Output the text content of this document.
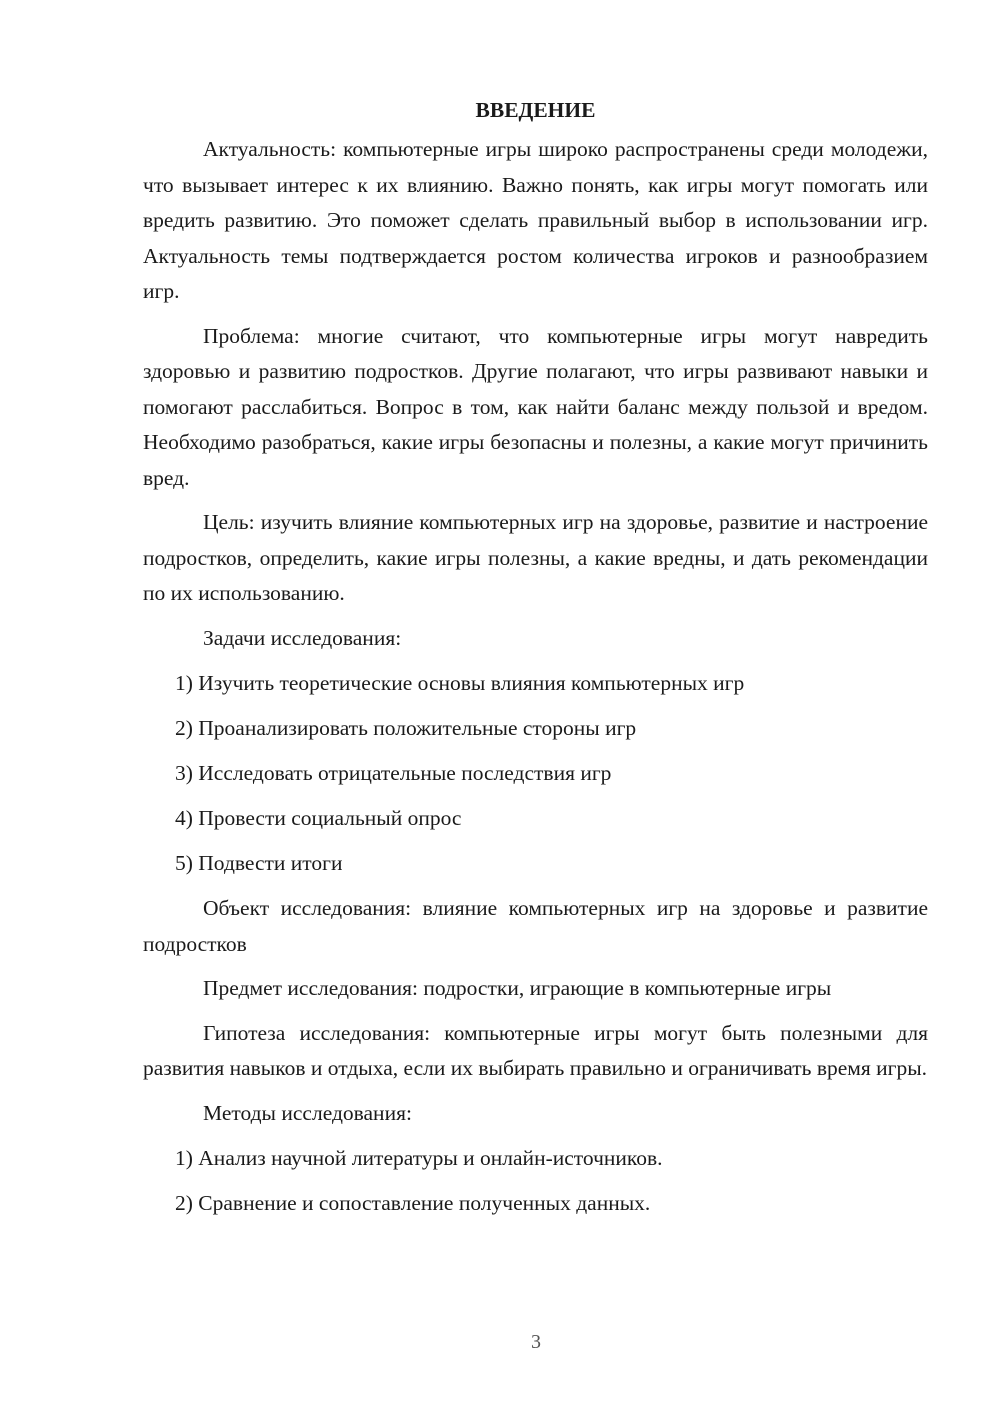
ВВЕДЕНИЕ

Актуальность: компьютерные игры широко распространены среди молодежи, что вызывает интерес к их влиянию. Важно понять, как игры могут помогать или вредить развитию. Это поможет сделать правильный выбор в использовании игр. Актуальность темы подтверждается ростом количества игроков и разнообразием игр.

Проблема: многие считают, что компьютерные игры могут навредить здоровью и развитию подростков. Другие полагают, что игры развивают навыки и помогают расслабиться. Вопрос в том, как найти баланс между пользой и вредом. Необходимо разобраться, какие игры безопасны и полезны, а какие могут причинить вред.

Цель: изучить влияние компьютерных игр на здоровье, развитие и настроение подростков, определить, какие игры полезны, а какие вредны, и дать рекомендации по их использованию.

Задачи исследования:

1) Изучить теоретические основы влияния компьютерных игр
2) Проанализировать положительные стороны игр
3) Исследовать отрицательные последствия игр
4) Провести социальный опрос
5) Подвести итоги

Объект исследования: влияние компьютерных игр на здоровье и развитие подростков

Предмет исследования: подростки, играющие в компьютерные игры

Гипотеза исследования: компьютерные игры могут быть полезными для развития навыков и отдыха, если их выбирать правильно и ограничивать время игры.

Методы исследования:

1) Анализ научной литературы и онлайн-источников.
2) Сравнение и сопоставление полученных данных.
3
